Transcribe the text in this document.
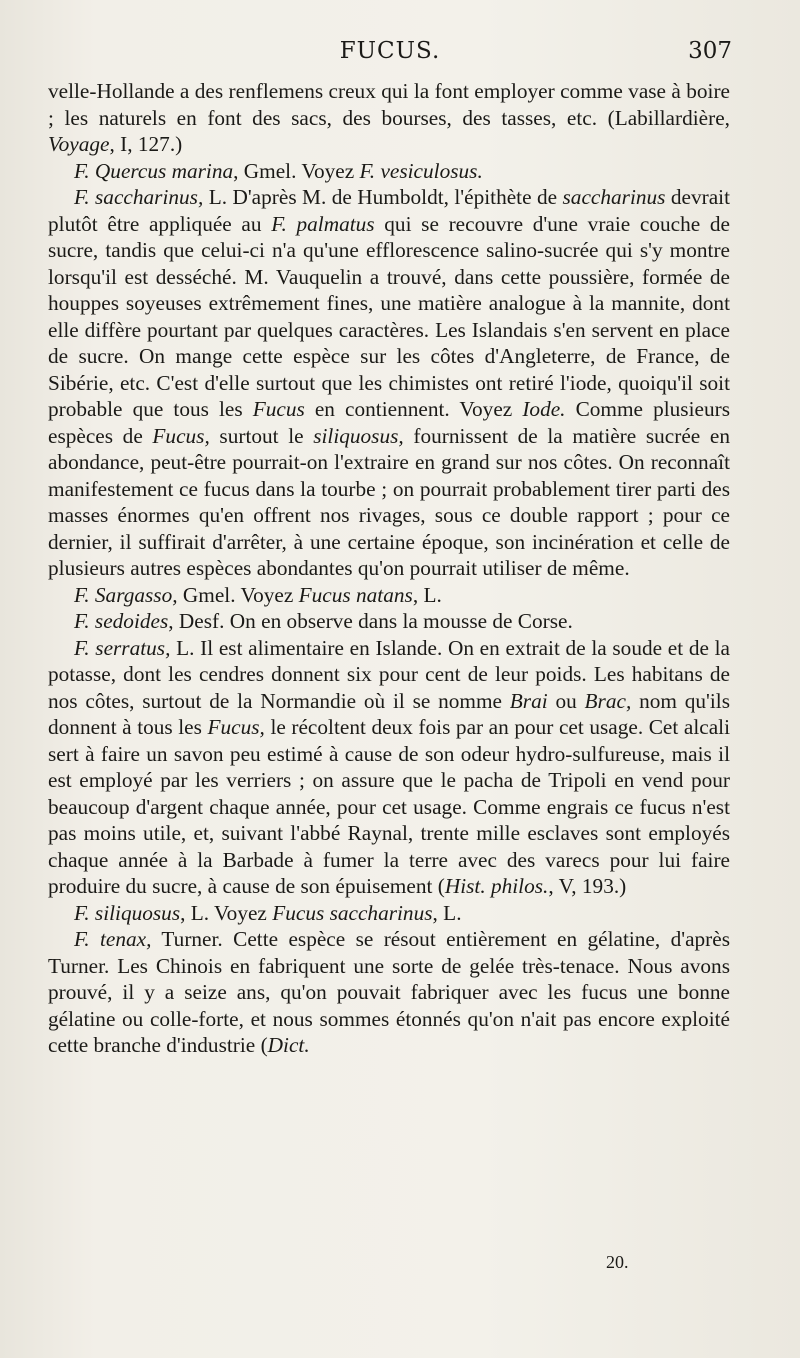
FUCUS.	307

velle-Hollande a des renflemens creux qui la font employer comme vase à boire ; les naturels en font des sacs, des bourses, des tasses, etc. (Labillardière, Voyage, I, 127.)

F. Quercus marina, Gmel. Voyez F. vesiculosus.

F. saccharinus, L. D'après M. de Humboldt, l'épithète de saccharinus devrait plutôt être appliquée au F. palmatus qui se recouvre d'une vraie couche de sucre, tandis que celui-ci n'a qu'une efflorescence salino-sucrée qui s'y montre lorsqu'il est desséché. M. Vauquelin a trouvé, dans cette poussière, formée de houppes soyeuses extrêmement fines, une matière analogue à la mannite, dont elle diffère pourtant par quelques caractères. Les Islandais s'en servent en place de sucre. On mange cette espèce sur les côtes d'Angleterre, de France, de Sibérie, etc. C'est d'elle surtout que les chimistes ont retiré l'iode, quoiqu'il soit probable que tous les Fucus en contiennent. Voyez Iode. Comme plusieurs espèces de Fucus, surtout le siliquosus, fournissent de la matière sucrée en abondance, peut-être pourrait-on l'extraire en grand sur nos côtes. On reconnaît manifestement ce fucus dans la tourbe ; on pourrait probablement tirer parti des masses énormes qu'en offrent nos rivages, sous ce double rapport ; pour ce dernier, il suffirait d'arrêter, à une certaine époque, son incinération et celle de plusieurs autres espèces abondantes qu'on pourrait utiliser de même.

F. Sargasso, Gmel. Voyez Fucus natans, L.

F. sedoides, Desf. On en observe dans la mousse de Corse.

F. serratus, L. Il est alimentaire en Islande. On en extrait de la soude et de la potasse, dont les cendres donnent six pour cent de leur poids. Les habitans de nos côtes, surtout de la Normandie où il se nomme Brai ou Brac, nom qu'ils donnent à tous les Fucus, le récoltent deux fois par an pour cet usage. Cet alcali sert à faire un savon peu estimé à cause de son odeur hydro-sulfureuse, mais il est employé par les verriers ; on assure que le pacha de Tripoli en vend pour beaucoup d'argent chaque année, pour cet usage. Comme engrais ce fucus n'est pas moins utile, et, suivant l'abbé Raynal, trente mille esclaves sont employés chaque année à la Barbade à fumer la terre avec des varecs pour lui faire produire du sucre, à cause de son épuisement (Hist. philos., V, 193.)

F. siliquosus, L. Voyez Fucus saccharinus, L.

F. tenax, Turner. Cette espèce se résout entièrement en gélatine, d'après Turner. Les Chinois en fabriquent une sorte de gelée très-tenace. Nous avons prouvé, il y a seize ans, qu'on pouvait fabriquer avec les fucus une bonne gélatine ou colle-forte, et nous sommes étonnés qu'on n'ait pas encore exploité cette branche d'industrie (Dict.

20.
